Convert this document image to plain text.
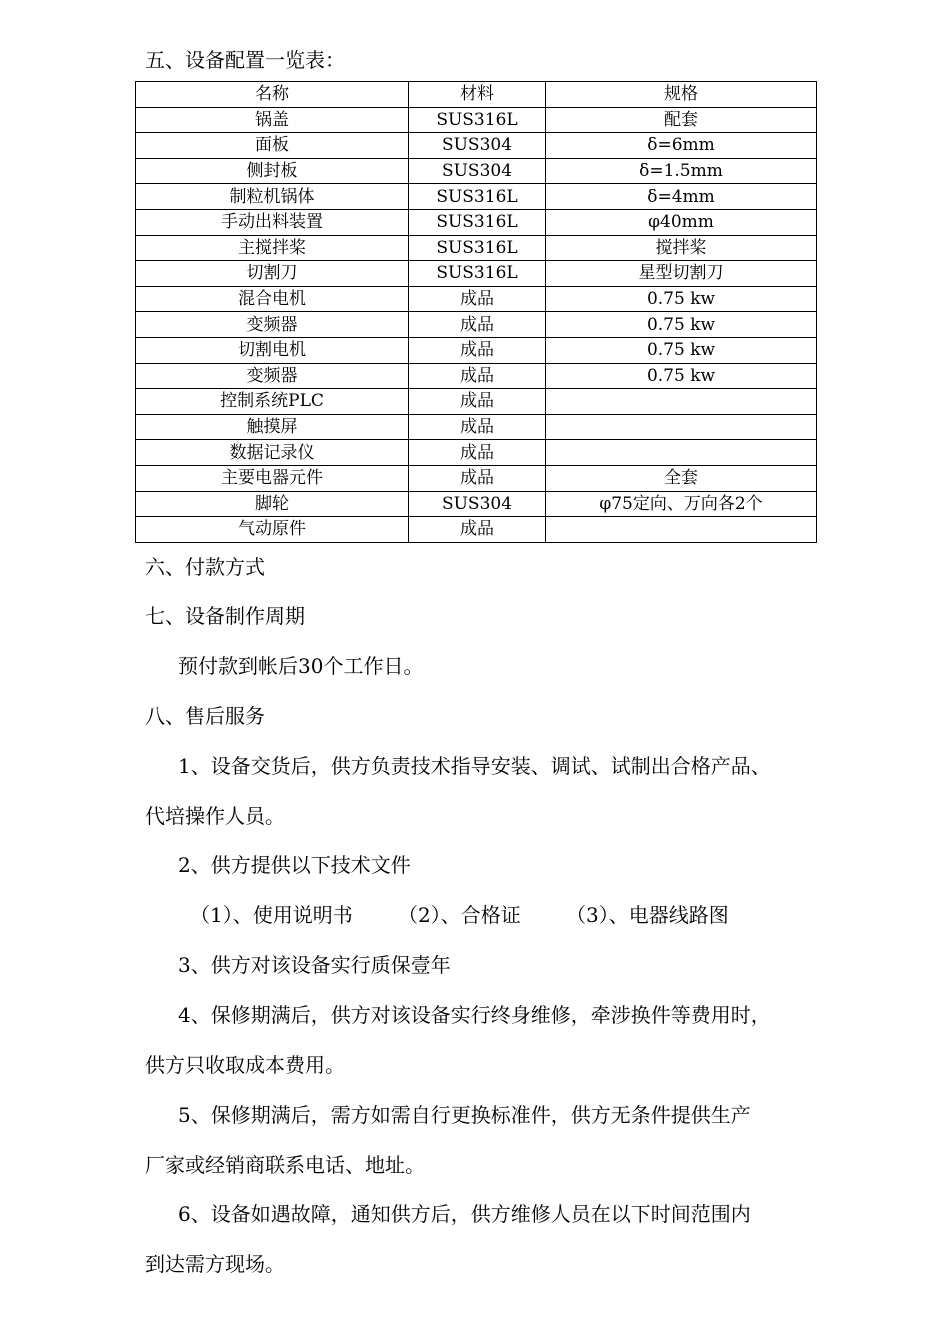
五、设备配置一览表：
名称	材料	规格
锅盖	SUS316L	配套
面板	SUS304	δ=6mm
侧封板	SUS304	δ=1.5mm
制粒机锅体	SUS316L	δ=4mm
手动出料装置	SUS316L	φ40mm
主搅拌桨	SUS316L	搅拌桨
切割刀	SUS316L	星型切割刀
混合电机	成品	0.75 kw
变频器	成品	0.75 kw
切割电机	成品	0.75 kw
变频器	成品	0.75 kw
控制系统PLC	成品	
触摸屏	成品	
数据记录仪	成品	
主要电器元件	成品	全套
脚轮	SUS304	φ75定向、万向各2个
气动原件	成品	
六、付款方式
七、设备制作周期
预付款到帐后30个工作日。
八、售后服务
1、设备交货后，供方负责技术指导安装、调试、试制出合格产品、
代培操作人员。
2、供方提供以下技术文件
（1）、使用说明书 （2）、合格证 （3）、电器线路图
3、供方对该设备实行质保壹年
4、保修期满后，供方对该设备实行终身维修，牵涉换件等费用时，
供方只收取成本费用。
5、保修期满后，需方如需自行更换标准件，供方无条件提供生产
厂家或经销商联系电话、地址。
6、设备如遇故障，通知供方后，供方维修人员在以下时间范围内
到达需方现场。
